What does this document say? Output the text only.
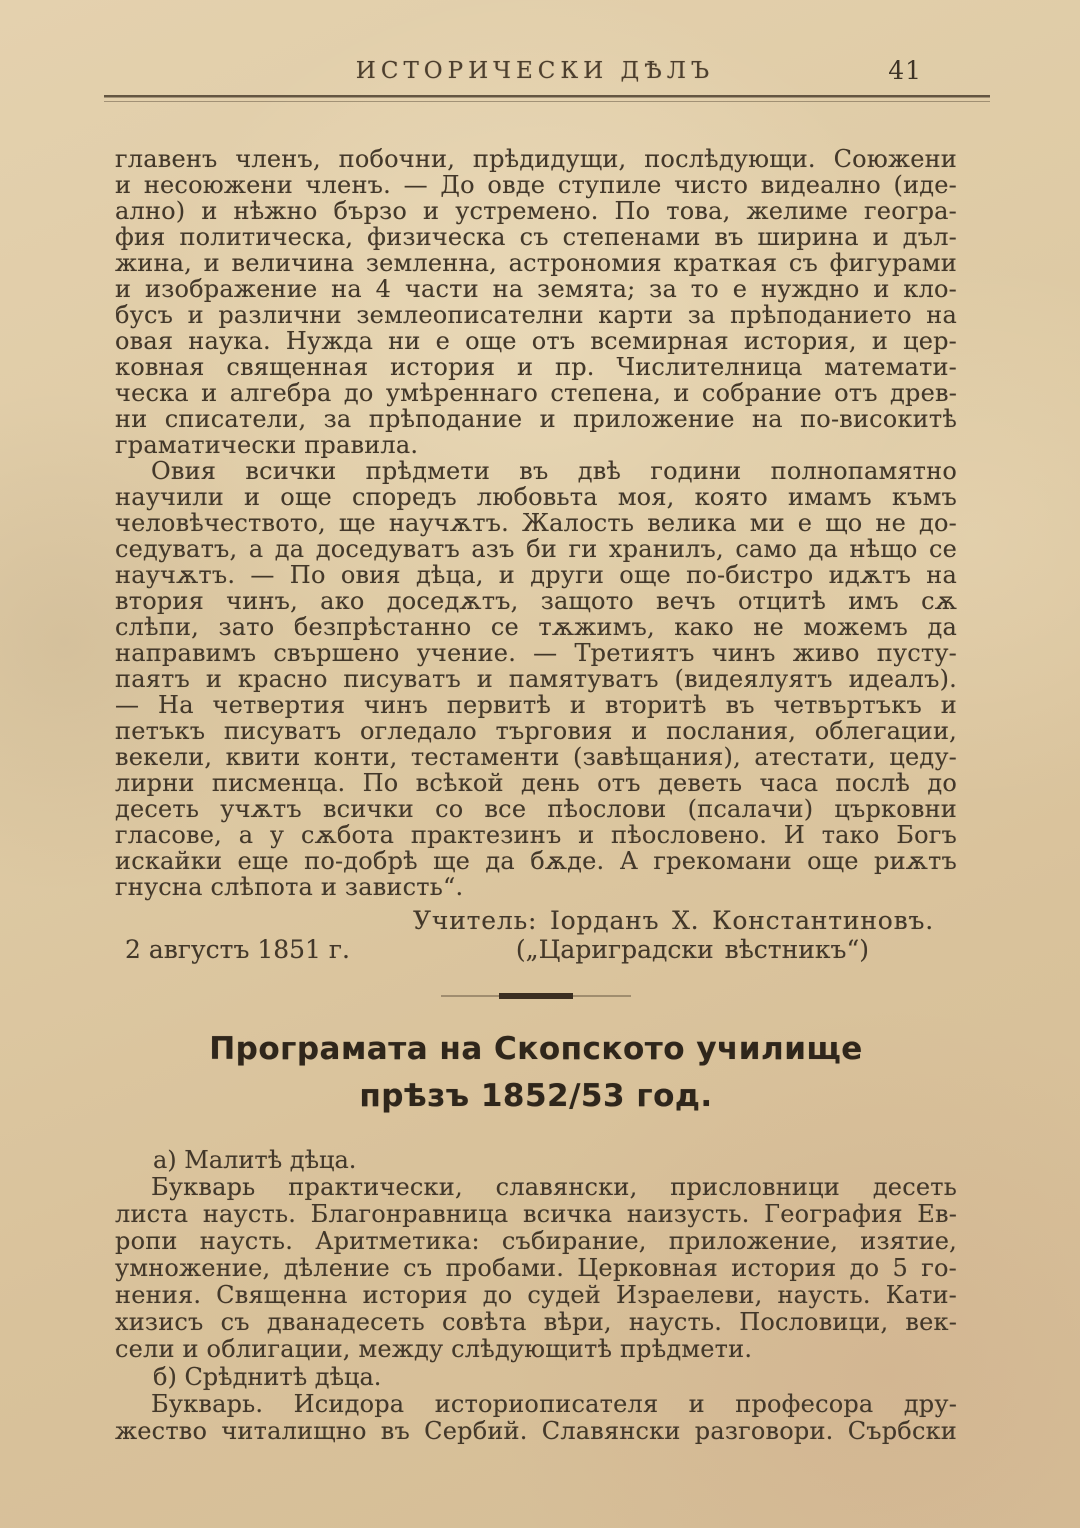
ИСТОРИЧЕСКИ ДѢЛЪ	41
главенъ членъ, побочни, прѣдидущи, послѣдующи. Союжени
и несоюжени членъ. — До овде ступиле чисто видеално (иде-
ално) и нѣжно бързо и устремено. По това, желиме геогра-
фия политическа, физическа съ степенами въ ширина и дъл-
жина, и величина земленна, астрономия краткая съ фигурами
и изображение на 4 части на земята; за то е нуждно и кло-
бусъ и различни землеописателни карти за прѣподанието на
овая наука. Нужда ни е още отъ всемирная история, и цер-
ковная священная история и пр. Числителница математи-
ческа и алгебра до умѣреннаго степена, и собрание отъ древ-
ни списатели, за прѣподание и приложение на по-високитѣ
граматически правила.
Овия всички прѣдмети въ двѣ години полнопамятно
научили и още споредъ любовьта моя, която имамъ къмъ
человѣчеството, ще научѫтъ. Жалость велика ми е що не до-
седуватъ, а да доседуватъ азъ би ги хранилъ, само да нѣщо се
научѫтъ. — По овия дѣца, и други още по-бистро идѫтъ на
втория чинъ, ако доседѫтъ, защото вечъ отцитѣ имъ сѫ
слѣпи, зато безпрѣстанно се тѫжимъ, како не можемъ да
направимъ свършено учение. — Третиятъ чинъ живо пусту-
паятъ и красно писуватъ и памятуватъ (видеялуятъ идеалъ).
— На четвертия чинъ первитѣ и вторитѣ въ четвъртъкъ и
петъкъ писуватъ огледало търговия и послания, облегации,
векели, квити конти, тестаменти (завѣщания), атестати, цеду-
лирни писменца. По всѣкой день отъ деветь часа послѣ до
десеть учѫтъ всички со все пѣослови (псалачи) църковни
гласове, а у сѫбота практезинъ и пѣословено. И тако Богъ
искайки еще по-добрѣ ще да бѫде. А грекомани още риѫтъ
гнусна слѣпота и зависть“.
Учитель: Іорданъ Х. Константиновъ.
2 августъ 1851 г.	(„Цариградски вѣстникъ“)
Програмата на Скопското училище
прѣзъ 1852/53 год.
а) Малитѣ дѣца.
Букварь практически, славянски, присловници десеть
листа наусть. Благонравница всичка наизусть. География Ев-
ропи наусть. Аритметика: събирание, приложение, изятие,
умножение, дѣление съ пробами. Церковная история до 5 го-
нения. Священна история до судей Израелеви, наусть. Кати-
хизисъ съ дванадесеть совѣта вѣри, наусть. Пословици, век-
сели и облигации, между слѣдующитѣ прѣдмети.
б) Срѣднитѣ дѣца.
Букварь. Исидора историописателя и професора дру-
жество читалищно въ Сербий. Славянски разговори. Сърбски
